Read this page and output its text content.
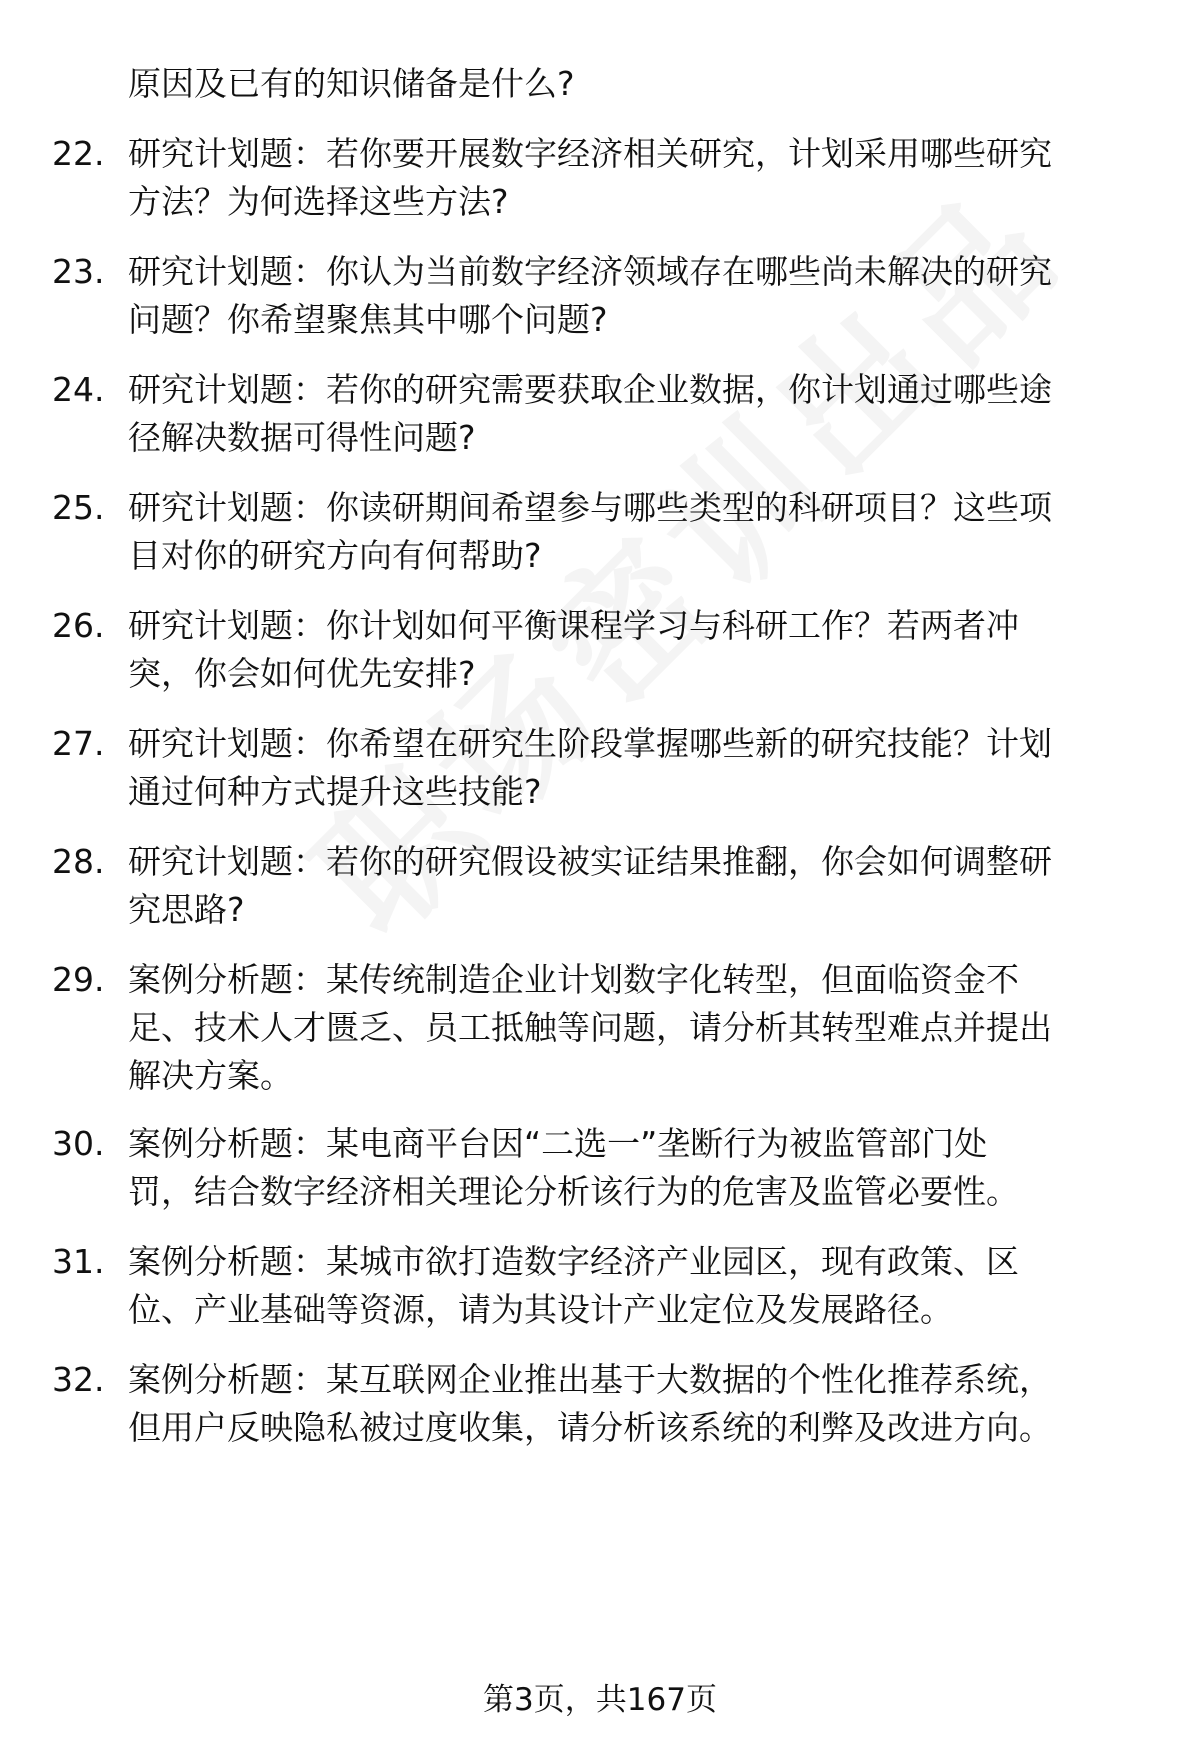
原因及已有的知识储备是什么?
22. 研究计划题：若你要开展数字经济相关研究，计划采用哪些研究
方法？为何选择这些方法?
23. 研究计划题：你认为当前数字经济领域存在哪些尚未解决的研究
问题？你希望聚焦其中哪个问题?
24. 研究计划题：若你的研究需要获取企业数据，你计划通过哪些途
径解决数据可得性问题?
25. 研究计划题：你读研期间希望参与哪些类型的科研项目？这些项
目对你的研究方向有何帮助?
26. 研究计划题：你计划如何平衡课程学习与科研工作？若两者冲
突，你会如何优先安排?
27. 研究计划题：你希望在研究生阶段掌握哪些新的研究技能？计划
通过何种方式提升这些技能?
28. 研究计划题：若你的研究假设被实证结果推翻，你会如何调整研
究思路?
29. 案例分析题：某传统制造企业计划数字化转型，但面临资金不
足、技术人才匮乏、员工抵触等问题，请分析其转型难点并提出
解决方案。
30. 案例分析题：某电商平台因“二选一”垄断行为被监管部门处
罚，结合数字经济相关理论分析该行为的危害及监管必要性。
31. 案例分析题：某城市欲打造数字经济产业园区，现有政策、区
位、产业基础等资源，请为其设计产业定位及发展路径。
32. 案例分析题：某互联网企业推出基于大数据的个性化推荐系统，
但用户反映隐私被过度收集，请分析该系统的利弊及改进方向。
第3页，共167页
